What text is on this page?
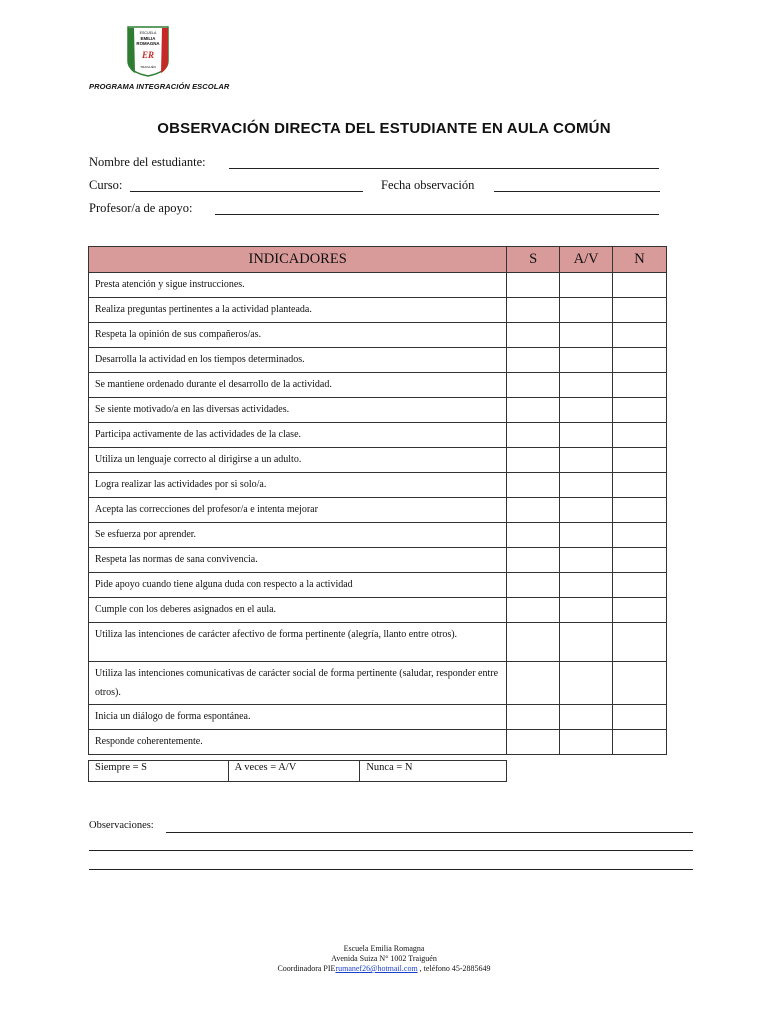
ESCUELA
EMILIA
ROMAGNA
ER
TRAIGUÉN
PROGRAMA INTEGRACIÓN ESCOLAR
OBSERVACIÓN DIRECTA DEL ESTUDIANTE EN AULA COMÚN
Nombre del estudiante:
Curso:	Fecha observación
Profesor/a de apoyo:
INDICADORES	S	A/V	N
Presta atención y sigue instrucciones.			
Realiza preguntas pertinentes a la actividad planteada.			
Respeta la opinión de sus compañeros/as.			
Desarrolla la actividad en los tiempos determinados.			
Se mantiene ordenado durante el desarrollo de la actividad.			
Se siente motivado/a en las diversas actividades.			
Participa activamente de las actividades de la clase.			
Utiliza un lenguaje correcto al dirigirse a un adulto.			
Logra realizar las actividades por si solo/a.			
Acepta las correcciones del profesor/a e intenta mejorar			
Se esfuerza por aprender.			
Respeta las normas de sana convivencia.			
Pide apoyo cuando tiene alguna duda con respecto a la actividad			
Cumple con los deberes asignados en el aula.			
Utiliza las intenciones de carácter afectivo de forma pertinente (alegría, llanto entre otros).			
Utiliza las intenciones comunicativas de carácter social de forma pertinente (saludar, responder entre otros).			
Inicia un diálogo de forma espontánea.			
Responde coherentemente.			
Siempre = S	A veces = A/V	Nunca = N
Observaciones:
Escuela Emilia Romagna
Avenida Suiza N° 1002 Traiguén
Coordinadora PIErumanef26@hotmail.com , teléfono 45-2885649
